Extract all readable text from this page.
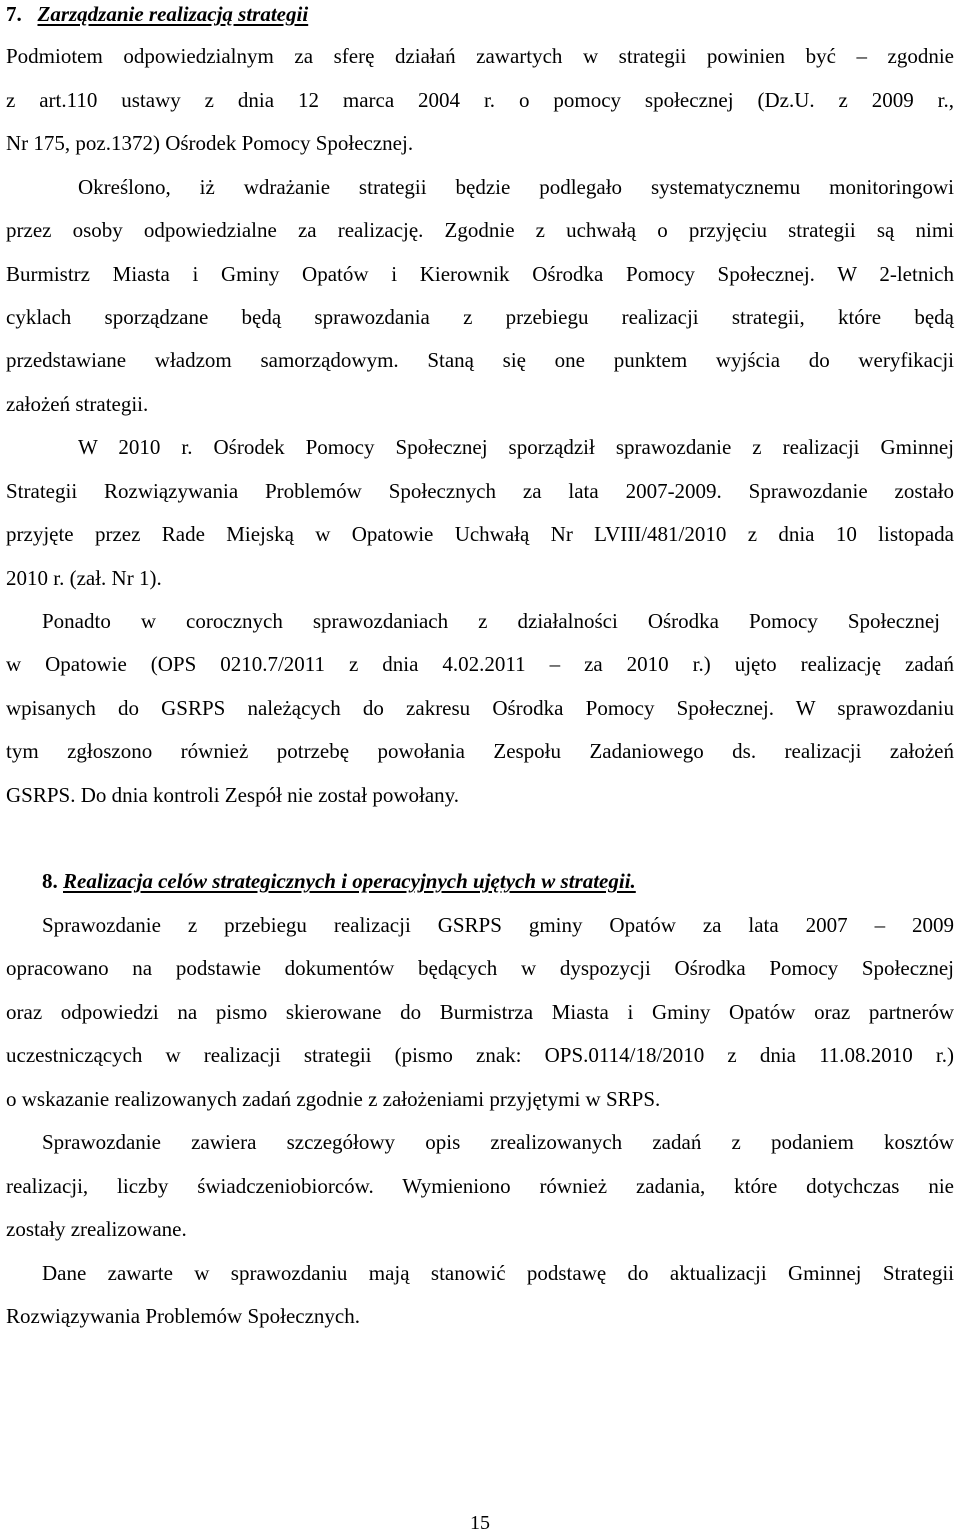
7. Zarządzanie realizacją strategii
Podmiotem odpowiedzialnym za sferę działań zawartych w strategii powinien być – zgodnie
z art.110 ustawy z dnia 12 marca 2004 r. o pomocy społecznej (Dz.U. z 2009 r.,
Nr 175, poz.1372) Ośrodek Pomocy Społecznej.
Określono, iż wdrażanie strategii będzie podlegało systematycznemu monitoringowi
przez osoby odpowiedzialne za realizację. Zgodnie z uchwałą o przyjęciu strategii są nimi
Burmistrz Miasta i Gminy Opatów i Kierownik Ośrodka Pomocy Społecznej. W 2-letnich
cyklach sporządzane będą sprawozdania z przebiegu realizacji strategii, które będą
przedstawiane władzom samorządowym. Staną się one punktem wyjścia do weryfikacji
założeń strategii.
W 2010 r. Ośrodek Pomocy Społecznej sporządził sprawozdanie z realizacji Gminnej
Strategii Rozwiązywania Problemów Społecznych za lata 2007-2009. Sprawozdanie zostało
przyjęte przez Rade Miejską w Opatowie Uchwałą Nr LVIII/481/2010 z dnia 10 listopada
2010 r. (zał. Nr 1).
Ponadto w corocznych sprawozdaniach z działalności Ośrodka Pomocy Społecznej
w Opatowie (OPS 0210.7/2011 z dnia 4.02.2011 – za 2010 r.) ujęto realizację zadań
wpisanych do GSRPS należących do zakresu Ośrodka Pomocy Społecznej. W sprawozdaniu
tym zgłoszono również potrzebę powołania Zespołu Zadaniowego ds. realizacji założeń
GSRPS. Do dnia kontroli Zespół nie został powołany.
8. Realizacja celów strategicznych i operacyjnych ujętych w strategii.
Sprawozdanie z przebiegu realizacji GSRPS gminy Opatów za lata 2007 – 2009
opracowano na podstawie dokumentów będących w dyspozycji Ośrodka Pomocy Społecznej
oraz odpowiedzi na pismo skierowane do Burmistrza Miasta i Gminy Opatów oraz partnerów
uczestniczących w realizacji strategii (pismo znak: OPS.0114/18/2010 z dnia 11.08.2010 r.)
o wskazanie realizowanych zadań zgodnie z założeniami przyjętymi w SRPS.
Sprawozdanie zawiera szczegółowy opis zrealizowanych zadań z podaniem kosztów
realizacji, liczby świadczeniobiorców. Wymieniono również zadania, które dotychczas nie
zostały zrealizowane.
Dane zawarte w sprawozdaniu mają stanowić podstawę do aktualizacji Gminnej Strategii
Rozwiązywania Problemów Społecznych.
15
